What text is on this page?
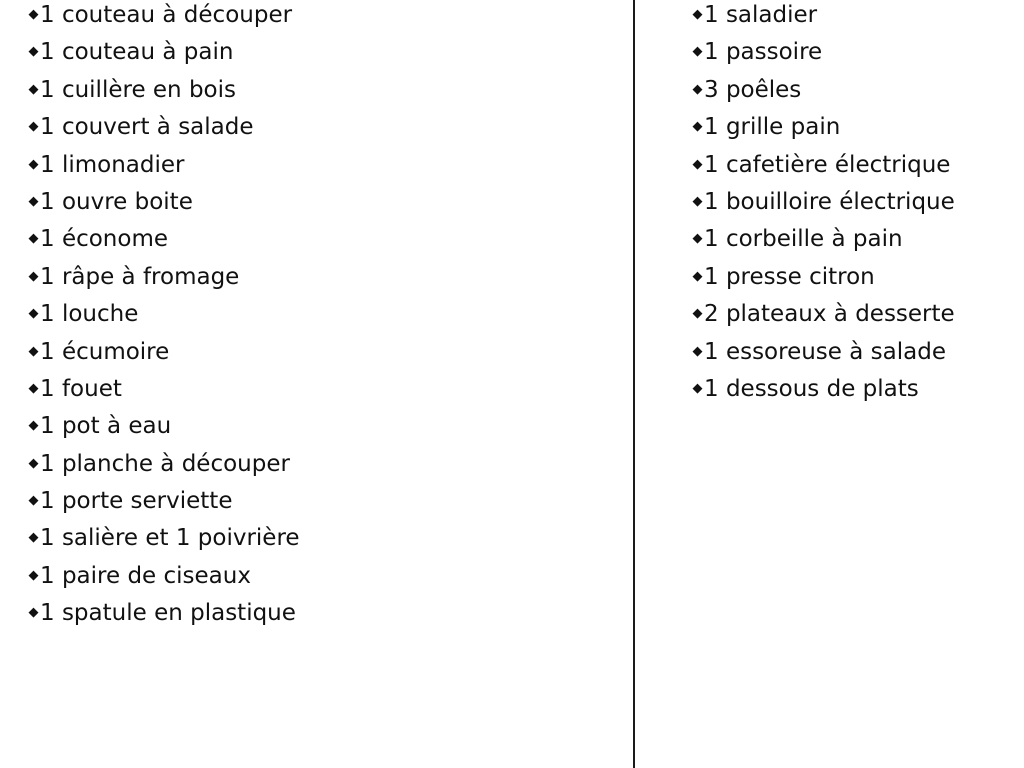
◆ 1 couteau à découper
◆ 1 couteau à pain
◆ 1 cuillère en bois
◆ 1 couvert à salade
◆ 1 limonadier
◆ 1 ouvre boite
◆ 1 économe
◆ 1 râpe à fromage
◆ 1 louche
◆ 1 écumoire
◆ 1 fouet
◆ 1 pot à eau
◆ 1 planche à découper
◆ 1 porte serviette
◆ 1 salière et 1 poivrière
◆ 1 paire de ciseaux
◆ 1 spatule en plastique
◆ 1 saladier
◆ 1 passoire
◆ 3 poêles
◆ 1 grille pain
◆ 1 cafetière électrique
◆ 1 bouilloire électrique
◆ 1 corbeille à pain
◆ 1 presse citron
◆ 2 plateaux à desserte
◆ 1 essoreuse à salade
◆ 1 dessous de plats
